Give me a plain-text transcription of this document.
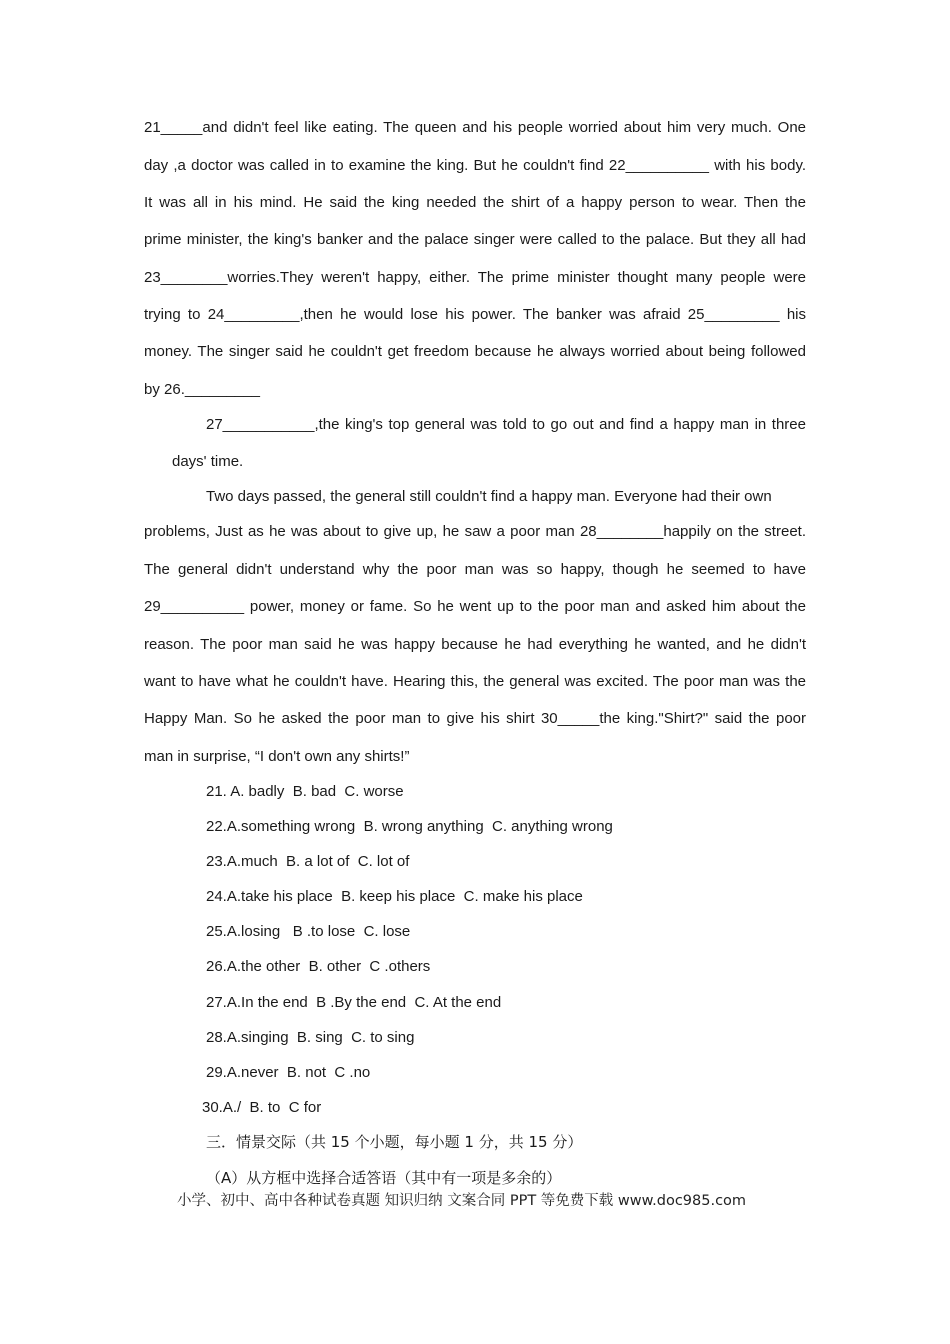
21_____and didn't feel like eating. The queen and his people worried about him very much. One
day ,a doctor was called in to examine the king. But he couldn't find 22__________ with his body.
It was all in his mind. He said the king needed the shirt of a happy person to wear. Then the
prime minister, the king's banker and the palace singer were called to the palace. But they all had
23________worries.They weren't happy, either. The prime minister thought many people were
trying to 24_________,then he would lose his power. The banker was afraid 25_________ his
money. The singer said he couldn't get freedom because he always worried about being followed
by 26._________
27___________,the king's top general was told to go out and find a happy man in three
days' time.
Two days passed, the general still couldn't find a happy man. Everyone had their own
problems, Just as he was about to give up, he saw a poor man 28________happily on the street.
The general didn't understand why the poor man was so happy, though he seemed to have
29__________ power, money or fame. So he went up to the poor man and asked him about the
reason. The poor man said he was happy because he had everything he wanted, and he didn't
want to have what he couldn't have. Hearing this, the general was excited. The poor man was the
Happy Man. So he asked the poor man to give his shirt 30_____the king."Shirt?" said the poor
man in surprise, “I don't own any shirts!”
21. A. badly  B. bad  C. worse
22.A.something wrong  B. wrong anything  C. anything wrong
23.A.much  B. a lot of  C. lot of
24.A.take his place  B. keep his place  C. make his place
25.A.losing   B .to lose  C. lose
26.A.the other  B. other  C .others
27.A.In the end  B .By the end  C. At the end
28.A.singing  B. sing  C. to sing
29.A.never  B. not  C .no
30.A./  B. to  C for
三．情景交际（共 15 个小题，每小题 1 分，共 15 分）
（A）从方框中选择合适答语（其中有一项是多余的）
小学、初中、高中各种试卷真题 知识归纳 文案合同 PPT 等免费下载 www.doc985.com
